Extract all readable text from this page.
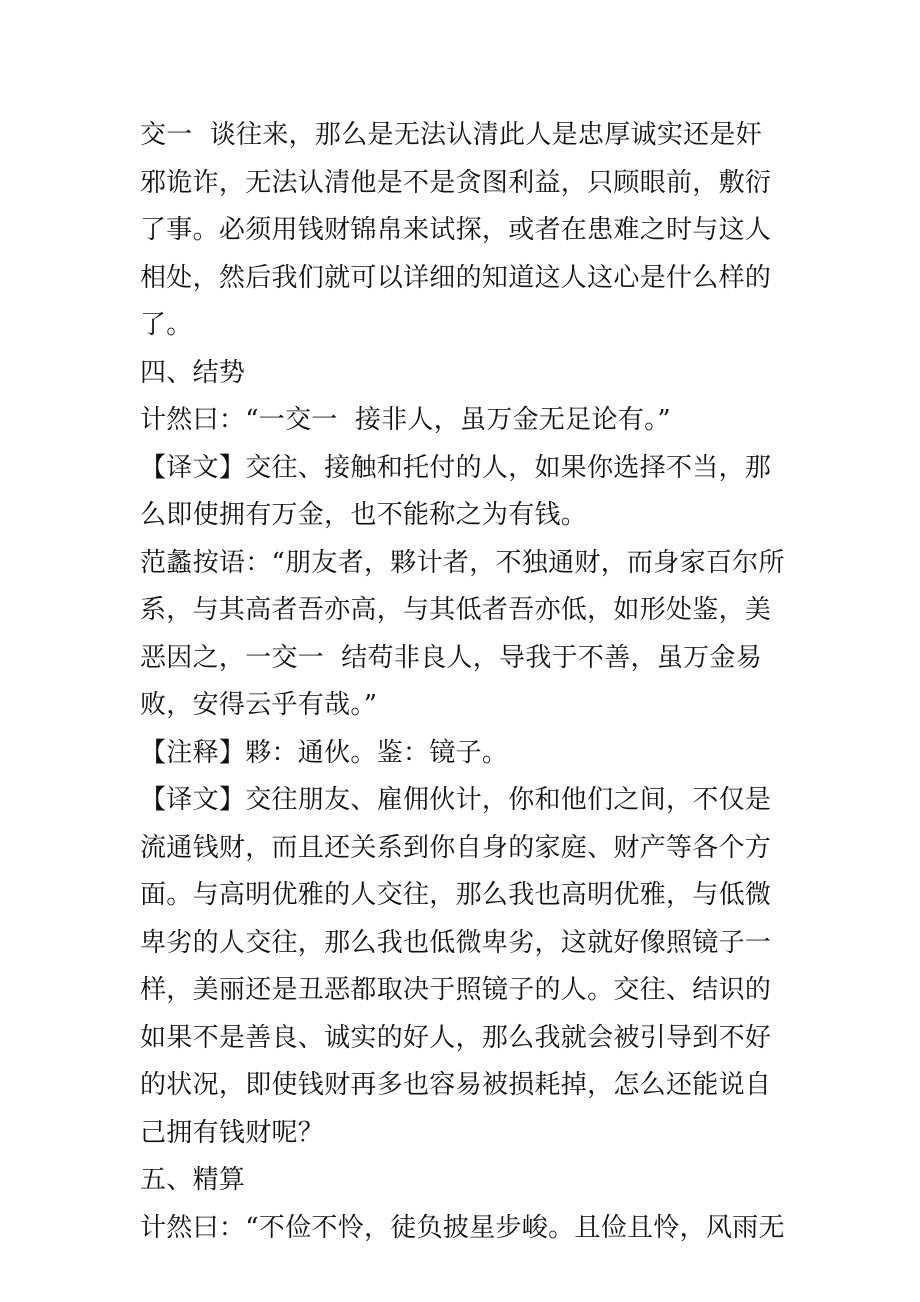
交一  谈往来，那么是无法认清此人是忠厚诚实还是奸邪诡诈，无法认清他是不是贪图利益，只顾眼前，敷衍了事。必须用钱财锦帛来试探，或者在患难之时与这人相处，然后我们就可以详细的知道这人这心是什么样的了。

四、结势

计然曰：“一交一  接非人，虽万金无足论有。”

【译文】交往、接触和托付的人，如果你选择不当，那么即使拥有万金，也不能称之为有钱。

范蠡按语：“朋友者，夥计者，不独通财，而身家百尔所系，与其高者吾亦高，与其低者吾亦低，如形处鉴，美恶因之，一交一  结苟非良人，导我于不善，虽万金易败，安得云乎有哉。”

【注释】夥：通伙。鉴：镜子。

【译文】交往朋友、雇佣伙计，你和他们之间，不仅是流通钱财，而且还关系到你自身的家庭、财产等各个方面。与高明优雅的人交往，那么我也高明优雅，与低微卑劣的人交往，那么我也低微卑劣，这就好像照镜子一样，美丽还是丑恶都取决于照镜子的人。交往、结识的如果不是善良、诚实的好人，那么我就会被引导到不好的状况，即使钱财再多也容易被损耗掉，怎么还能说自己拥有钱财呢？

五、精算

计然曰：“不俭不怜，徒负披星步峻。且俭且怜，风雨无
